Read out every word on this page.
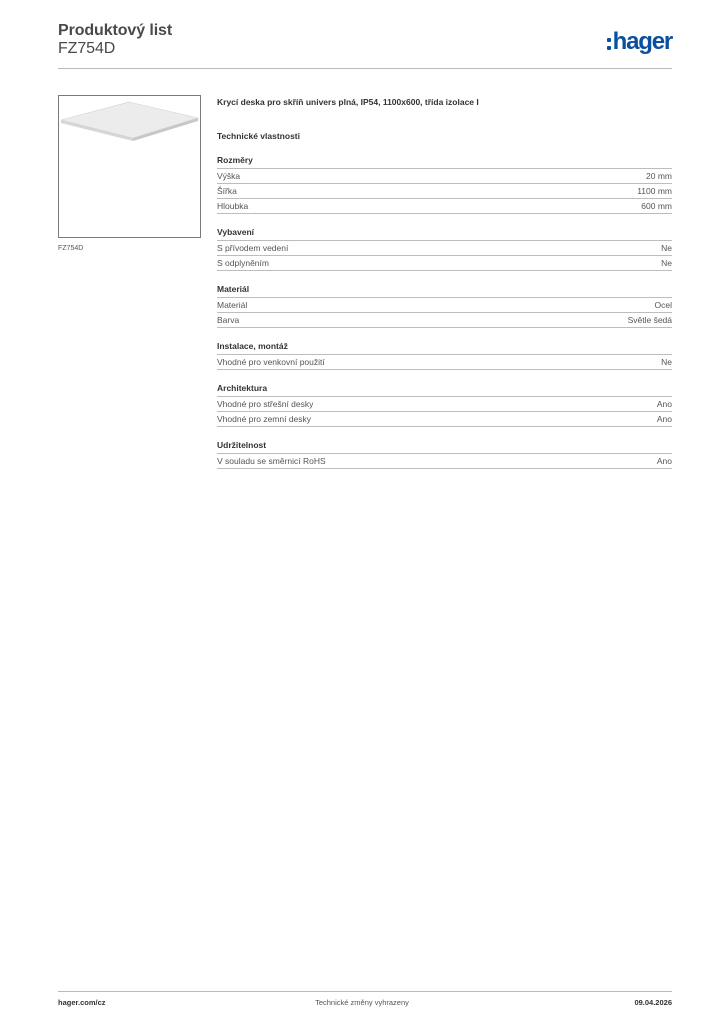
Produktový list
FZ754D	hager
FZ754D
Krycí deska pro skříň univers plná, IP54, 1100x600, třída izolace I
Technické vlastnosti
Rozměry
Výška	20 mm
Šířka	1100 mm
Hloubka	600 mm
Vybavení
S přívodem vedení	Ne
S odplyněním	Ne
Materiál
Materiál	Ocel
Barva	Světle šedá
Instalace, montáž
Vhodné pro venkovní použití	Ne
Architektura
Vhodné pro střešní desky	Ano
Vhodné pro zemní desky	Ano
Udržitelnost
V souladu se směrnicí RoHS	Ano
hager.com/cz	Technické změny vyhrazeny	09.04.2026
